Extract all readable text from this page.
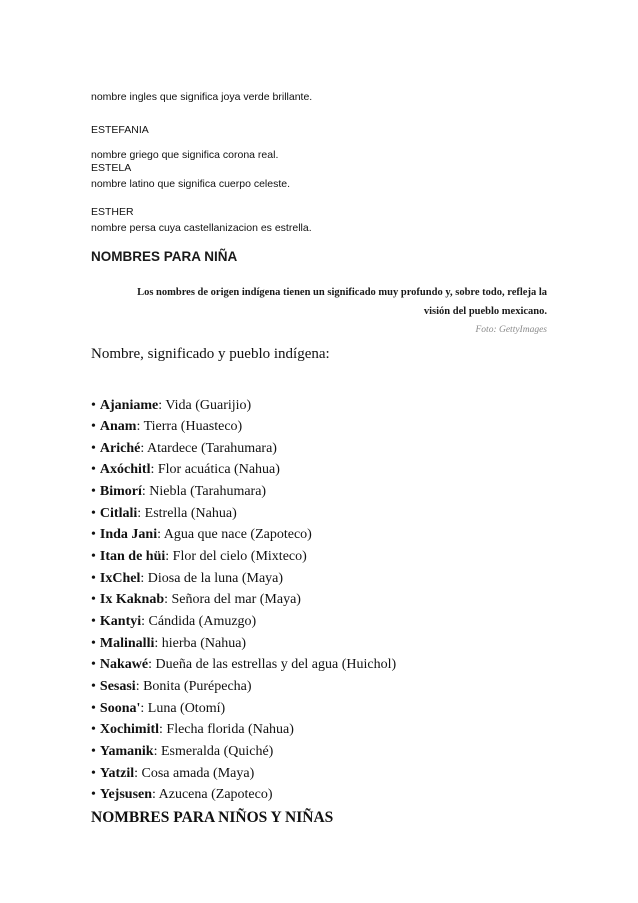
nombre ingles que significa joya verde brillante.
ESTEFANIA
nombre griego que significa corona real.
ESTELA
nombre latino que significa cuerpo celeste.
ESTHER
nombre persa cuya castellanizacion es estrella.
NOMBRES PARA NIÑA
Los nombres de origen indígena tienen un significado muy profundo y, sobre todo, refleja la
visión del pueblo mexicano.
Foto: GettyImages
Nombre, significado y pueblo indígena:
• Ajaniame: Vida (Guarijio)
• Anam: Tierra (Huasteco)
• Ariché: Atardece (Tarahumara)
• Axóchitl: Flor acuática (Nahua)
• Bimorí: Niebla (Tarahumara)
• Citlali: Estrella (Nahua)
• Inda Jani: Agua que nace (Zapoteco)
• Itan de hüi: Flor del cielo (Mixteco)
• IxChel: Diosa de la luna (Maya)
• Ix Kaknab: Señora del mar (Maya)
• Kantyi: Cándida (Amuzgo)
• Malinalli: hierba (Nahua)
• Nakawé: Dueña de las estrellas y del agua (Huichol)
• Sesasi: Bonita (Purépecha)
• Soona': Luna (Otomí)
• Xochimitl: Flecha florida (Nahua)
• Yamanik: Esmeralda (Quiché)
• Yatzil: Cosa amada (Maya)
• Yejsusen: Azucena (Zapoteco)
NOMBRES PARA NIÑOS Y NIÑAS
